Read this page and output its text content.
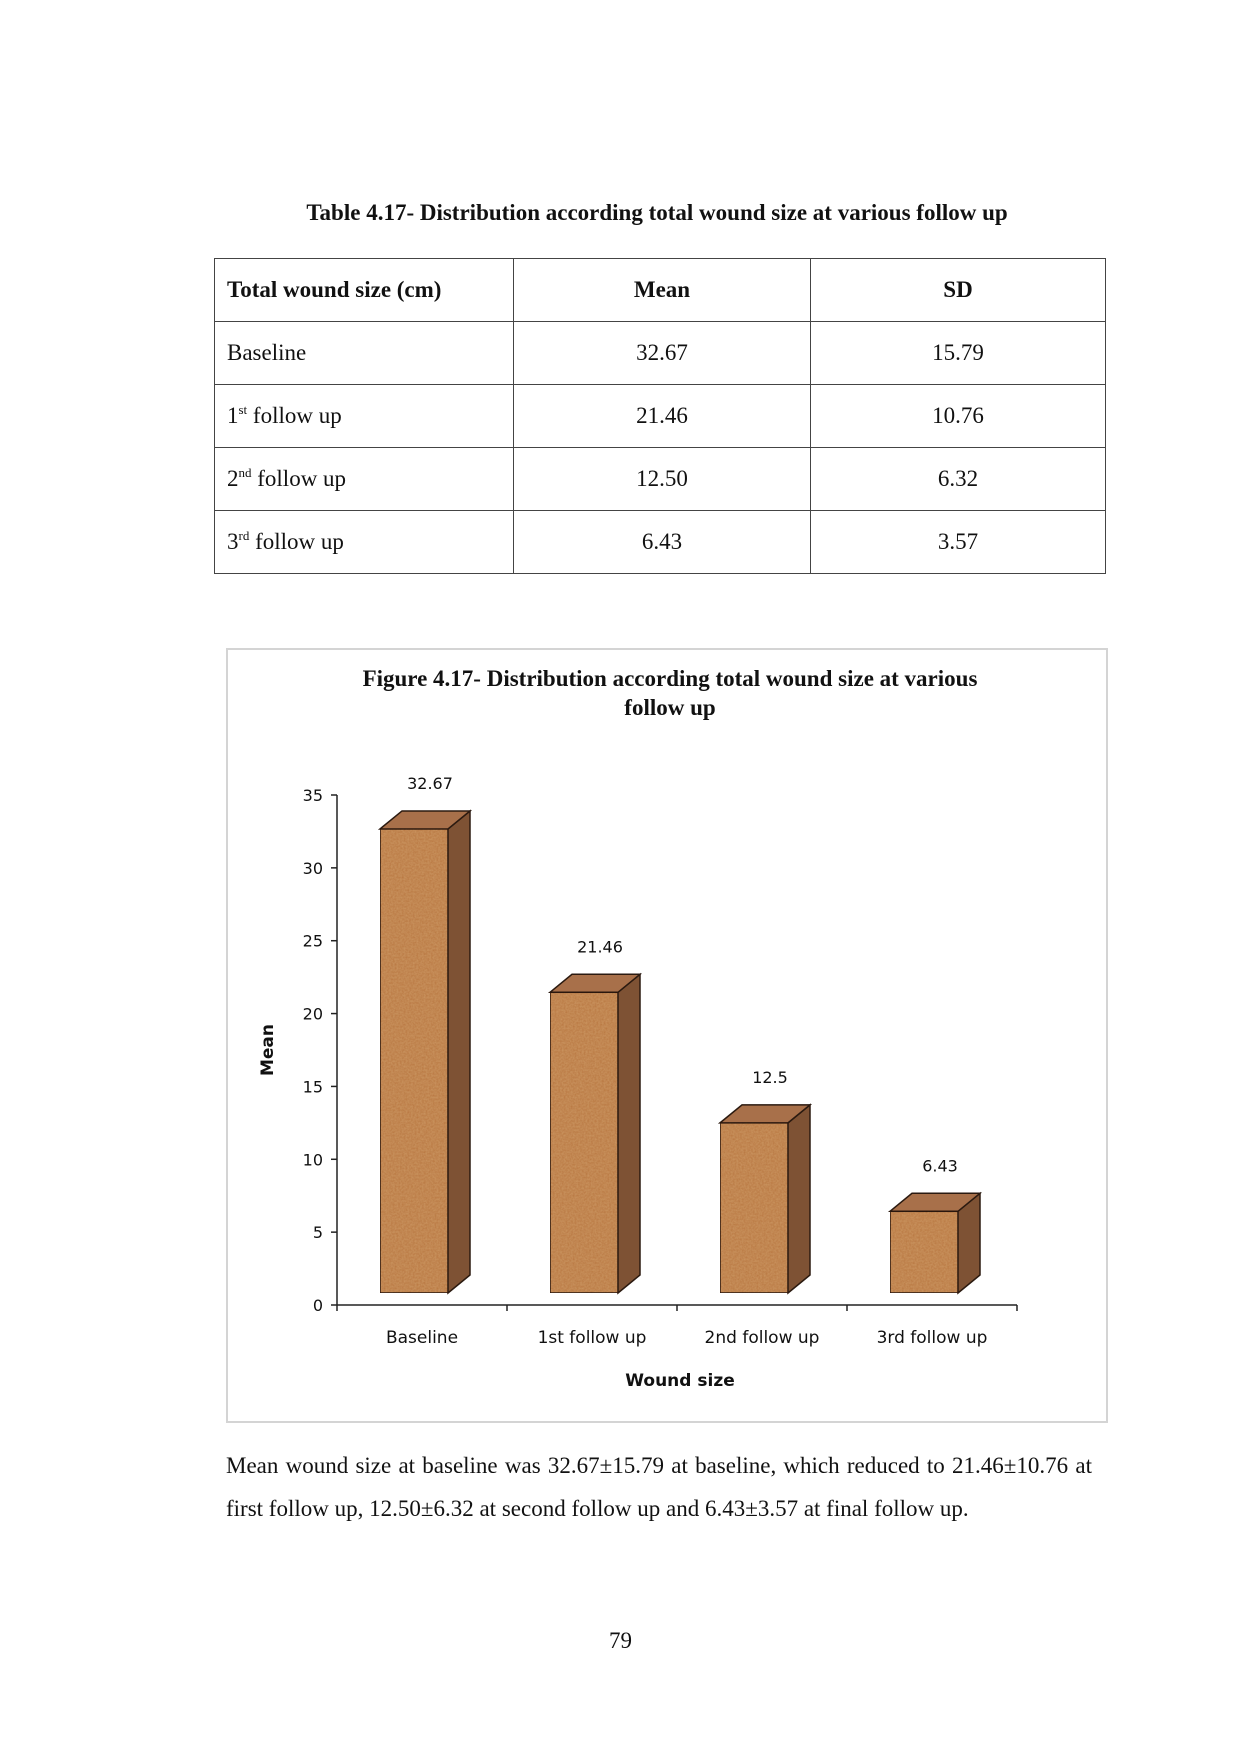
Table 4.17- Distribution according total wound size at various follow up
Total wound size (cm)	Mean	SD
Baseline	32.67	15.79
1st follow up	21.46	10.76
2nd follow up	12.50	6.32
3rd follow up	6.43	3.57
Figure 4.17- Distribution according total wound size at various
follow up
32.67
21.46
12.5
6.43
0
5
10
15
20
25
30
35
Baseline	1st follow up	2nd follow up	3rd follow up
Mean
Wound size
Mean wound size at baseline was 32.67±15.79 at baseline, which reduced to 21.46±10.76 at first follow up, 12.50±6.32 at second follow up and 6.43±3.57 at final follow up.
79
